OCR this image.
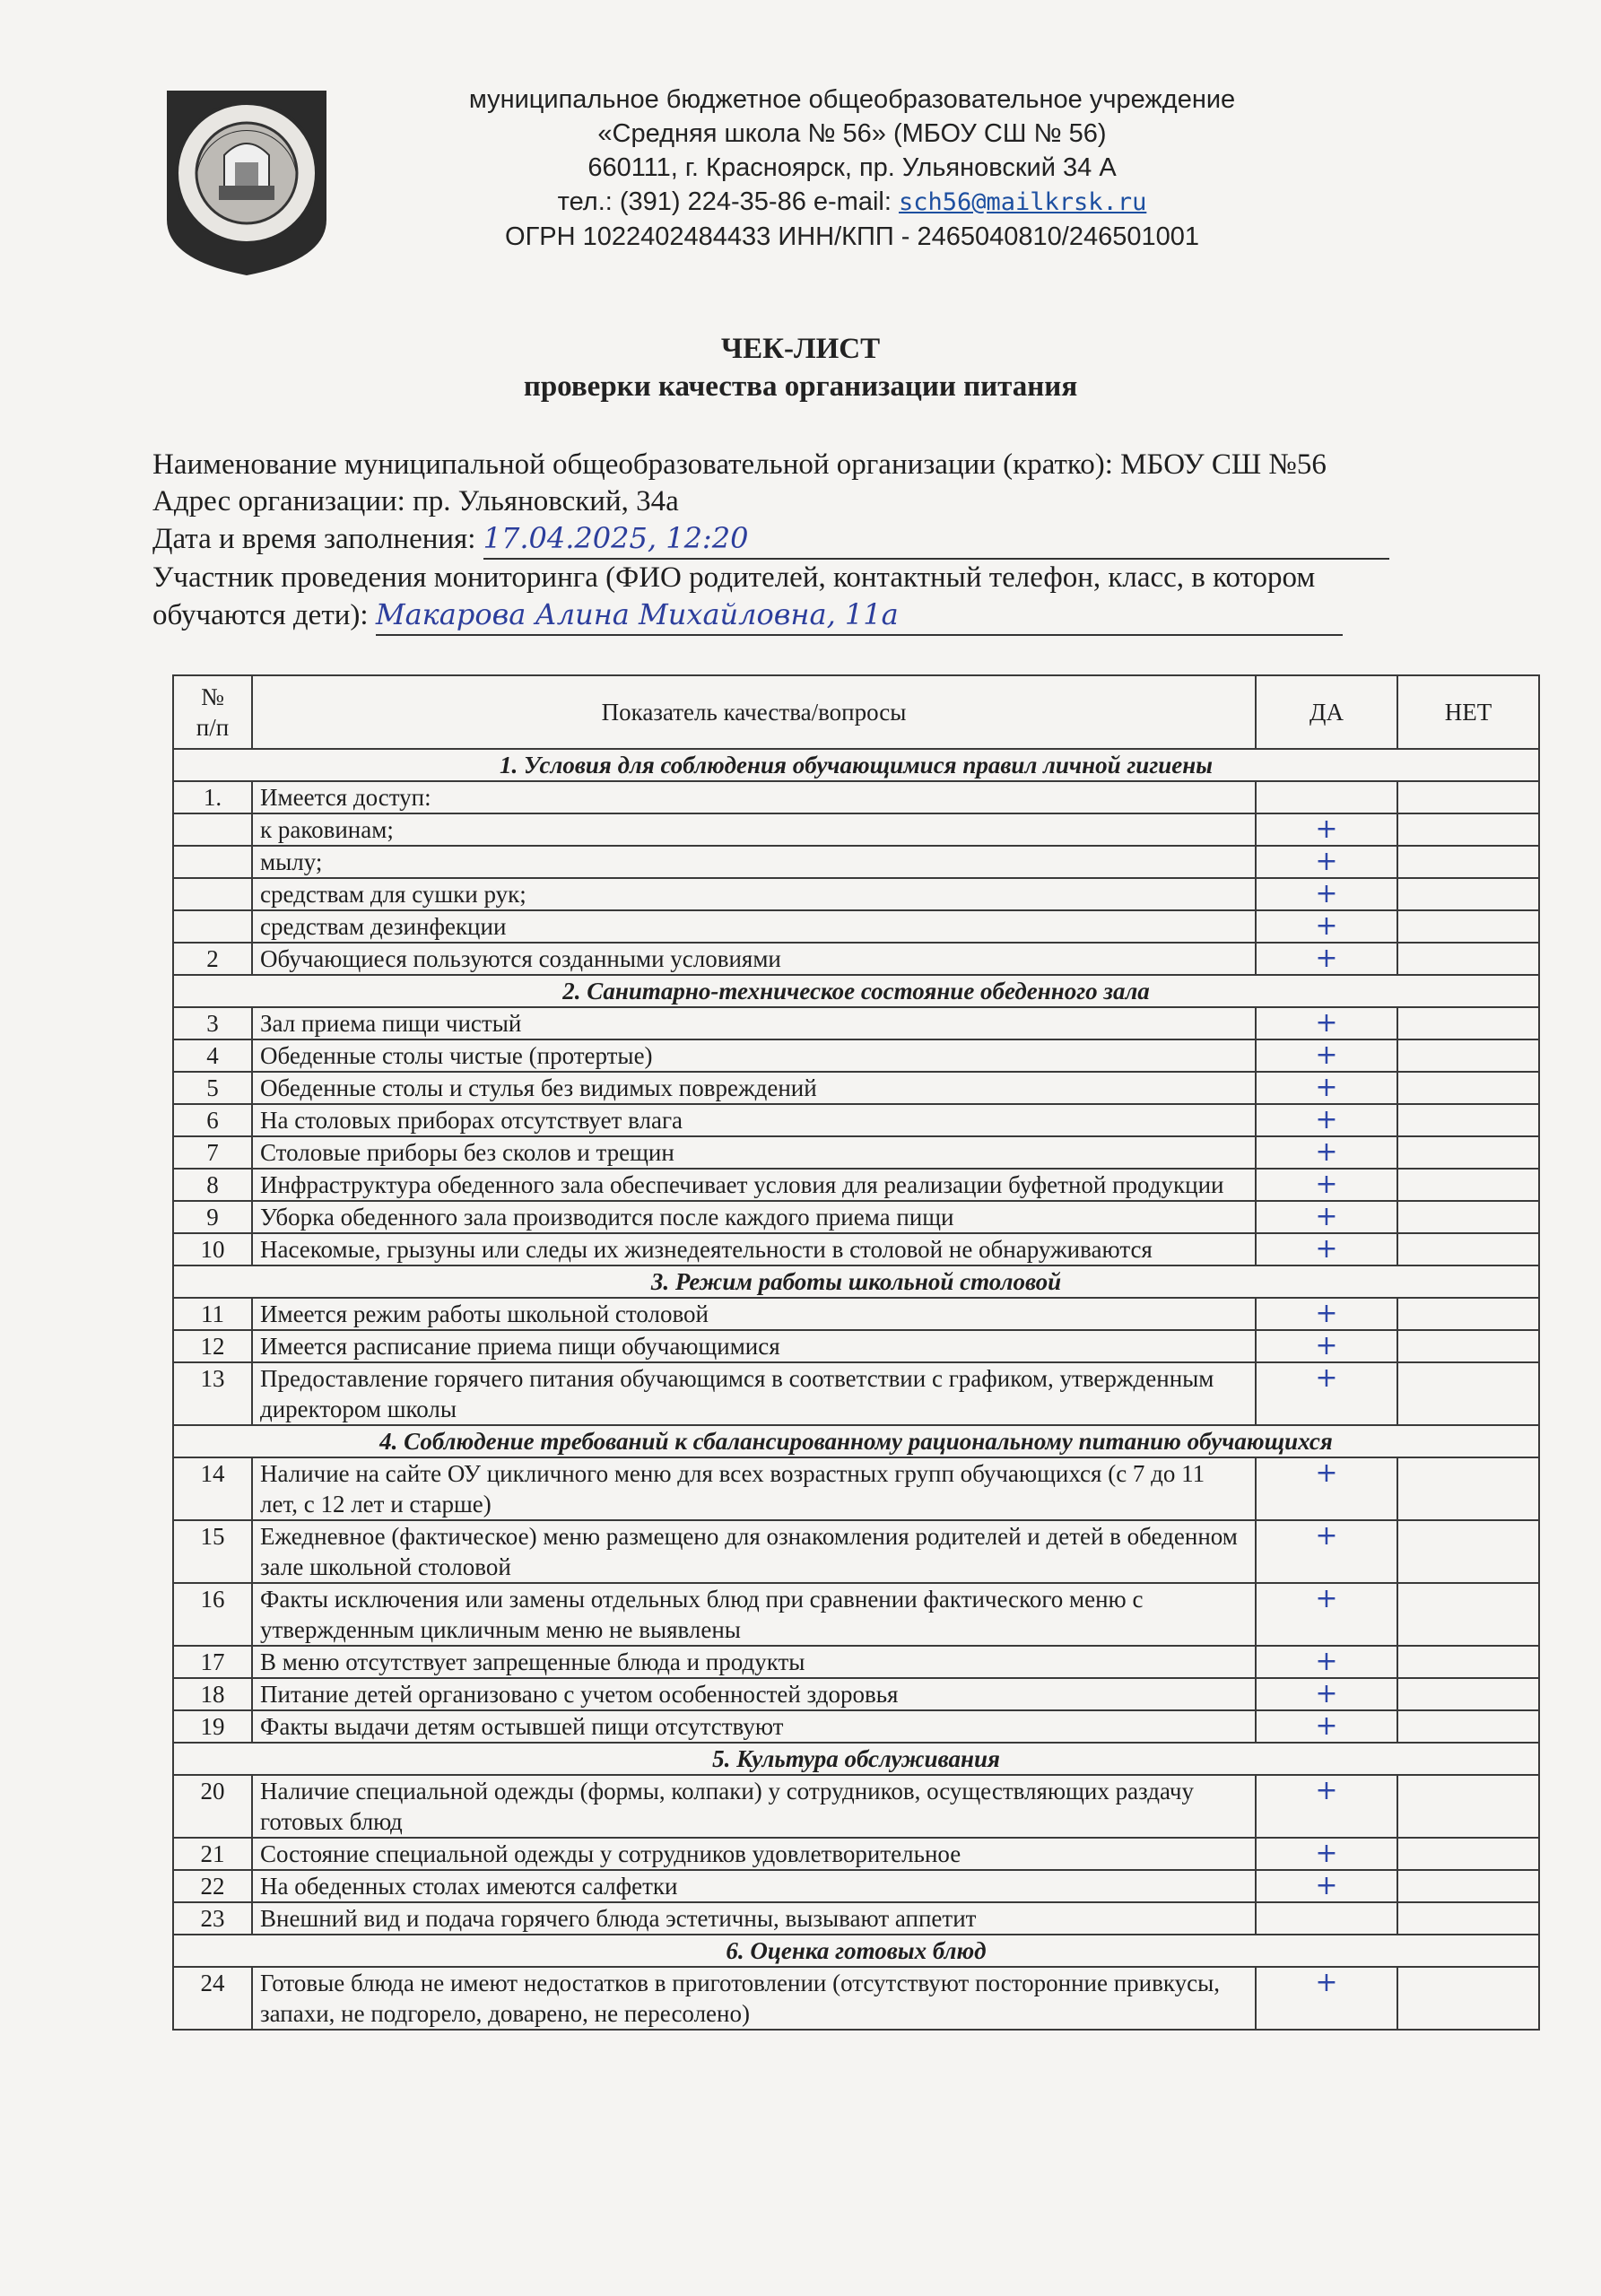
муниципальное бюджетное общеобразовательное учреждение
«Средняя школа № 56» (МБОУ СШ № 56)
660111, г. Красноярск, пр. Ульяновский 34 А
тел.: (391) 224-35-86 e-mail: sch56@mailkrsk.ru
ОГРН 1022402484433 ИНН/КПП - 2465040810/246501001
ЧЕК-ЛИСТ
проверки качества организации питания
Наименование муниципальной общеобразовательной организации (кратко): МБОУ СШ №56
Адрес организации: пр. Ульяновский, 34а
Дата и время заполнения: 17.04.2025, 12:20
Участник проведения мониторинга (ФИО родителей, контактный телефон, класс, в котором
обучаются дети): Макарова Алина Михайловна, 11а
№
п/п	Показатель качества/вопросы	ДА	НЕТ
1. Условия для соблюдения обучающимися правил личной гигиены			
1.	Имеется доступ:		
	к раковинам;	+	
	мылу;	+	
	средствам для сушки рук;	+	
	средствам дезинфекции	+	
2	Обучающиеся пользуются созданными условиями	+	
2. Санитарно-техническое состояние обеденного зала			
3	Зал приема пищи чистый	+	
4	Обеденные столы чистые (протертые)	+	
5	Обеденные столы и стулья без видимых повреждений	+	
6	На столовых приборах отсутствует влага	+	
7	Столовые приборы без сколов и трещин	+	
8	Инфраструктура обеденного зала обеспечивает условия для реализации буфетной продукции	+	
9	Уборка обеденного зала производится после каждого приема пищи	+	
10	Насекомые, грызуны или следы их жизнедеятельности в столовой не обнаруживаются	+	
3. Режим работы школьной столовой			
11	Имеется режим работы школьной столовой	+	
12	Имеется расписание приема пищи обучающимися	+	
13	Предоставление горячего питания обучающимся в соответствии с графиком, утвержденным директором школы	+	
4. Соблюдение требований к сбалансированному рациональному питанию обучающихся			
14	Наличие на сайте ОУ цикличного меню для всех возрастных групп обучающихся (с 7 до 11 лет, с 12 лет и старше)	+	
15	Ежедневное (фактическое) меню размещено для ознакомления родителей и детей в обеденном зале школьной столовой	+	
16	Факты исключения или замены отдельных блюд при сравнении фактического меню с утвержденным цикличным меню не выявлены	+	
17	В меню отсутствует запрещенные блюда и продукты	+	
18	Питание детей организовано с учетом особенностей здоровья	+	
19	Факты выдачи детям остывшей пищи отсутствуют	+	
5. Культура обслуживания			
20	Наличие специальной одежды (формы, колпаки) у сотрудников, осуществляющих раздачу готовых блюд	+	
21	Состояние специальной одежды у сотрудников удовлетворительное	+	
22	На обеденных столах имеются салфетки	+	
23	Внешний вид и подача горячего блюда эстетичны, вызывают аппетит		
6. Оценка готовых блюд			
24	Готовые блюда не имеют недостатков в приготовлении (отсутствуют посторонние привкусы, запахи, не подгорело, доварено, не пересолено)	+	
